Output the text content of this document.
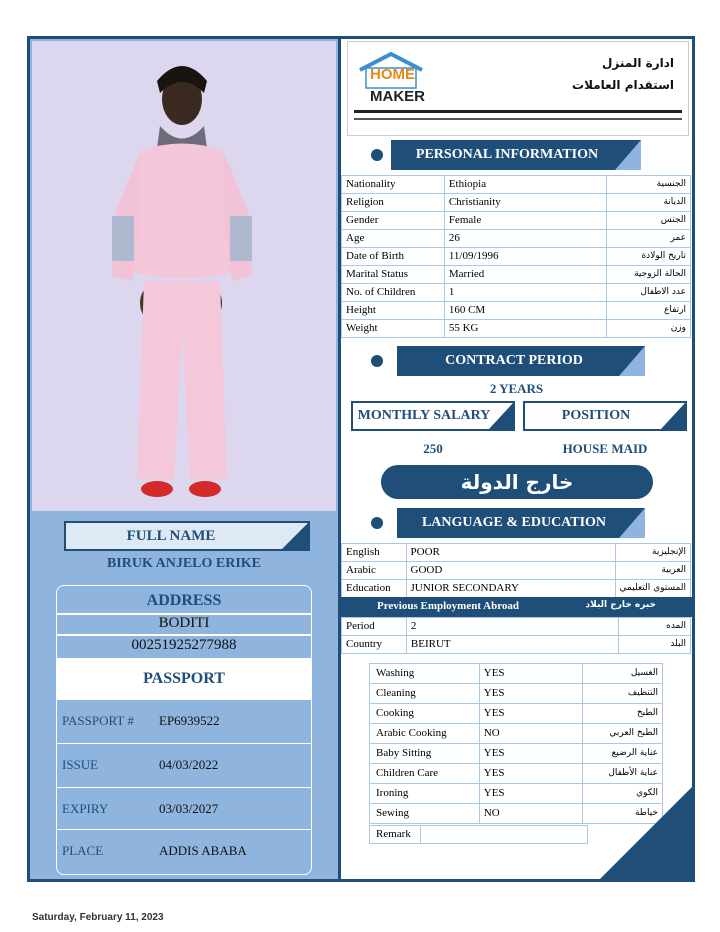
FULL NAME
BIRUK ANJELO ERIKE
ADDRESS
BODITI
00251925277988
PASSPORT
PASSPORT # EP6939522
ISSUE	04/03/2022
EXPIRY	03/03/2027
PLACE	ADDIS ABABA
HOME
MAKER
ادارة المنزل
استقدام العاملات
PERSONAL INFORMATION
Nationality	Ethiopia	الجنسية
Religion	Christianity	الديانة
Gender	Female	الجنس
Age	26	عمر
Date of Birth	11/09/1996	تاريخ الولادة
Marital Status	Married	الحالة الزوجية
No. of Children	1	عدد الاطفال
Height	160 CM	ارتفاع
Weight	55 KG	وزن
CONTRACT PERIOD
2 YEARS
MONTHLY SALARY	POSITION
250	HOUSE MAID
خارج الدولة
LANGUAGE & EDUCATION
English	POOR	الإنجليزية
Arabic	GOOD	العربية
Education	JUNIOR SECONDARY	المستوي التعليمي
Previous Employment Abroad	خبره خارج البلاد
Period	2	المده
Country	BEIRUT	البلد
Washing	YES	الغسيل
Cleaning	YES	التنظيف
Cooking	YES	الطبخ
Arabic Cooking	NO	الطبخ العربي
Baby Sitting	YES	عناية الرضيع
Children Care	YES	عناية الأطفال
Ironing	YES	الكوي
Sewing	NO	خياطة
Remark
Saturday, February 11, 2023
